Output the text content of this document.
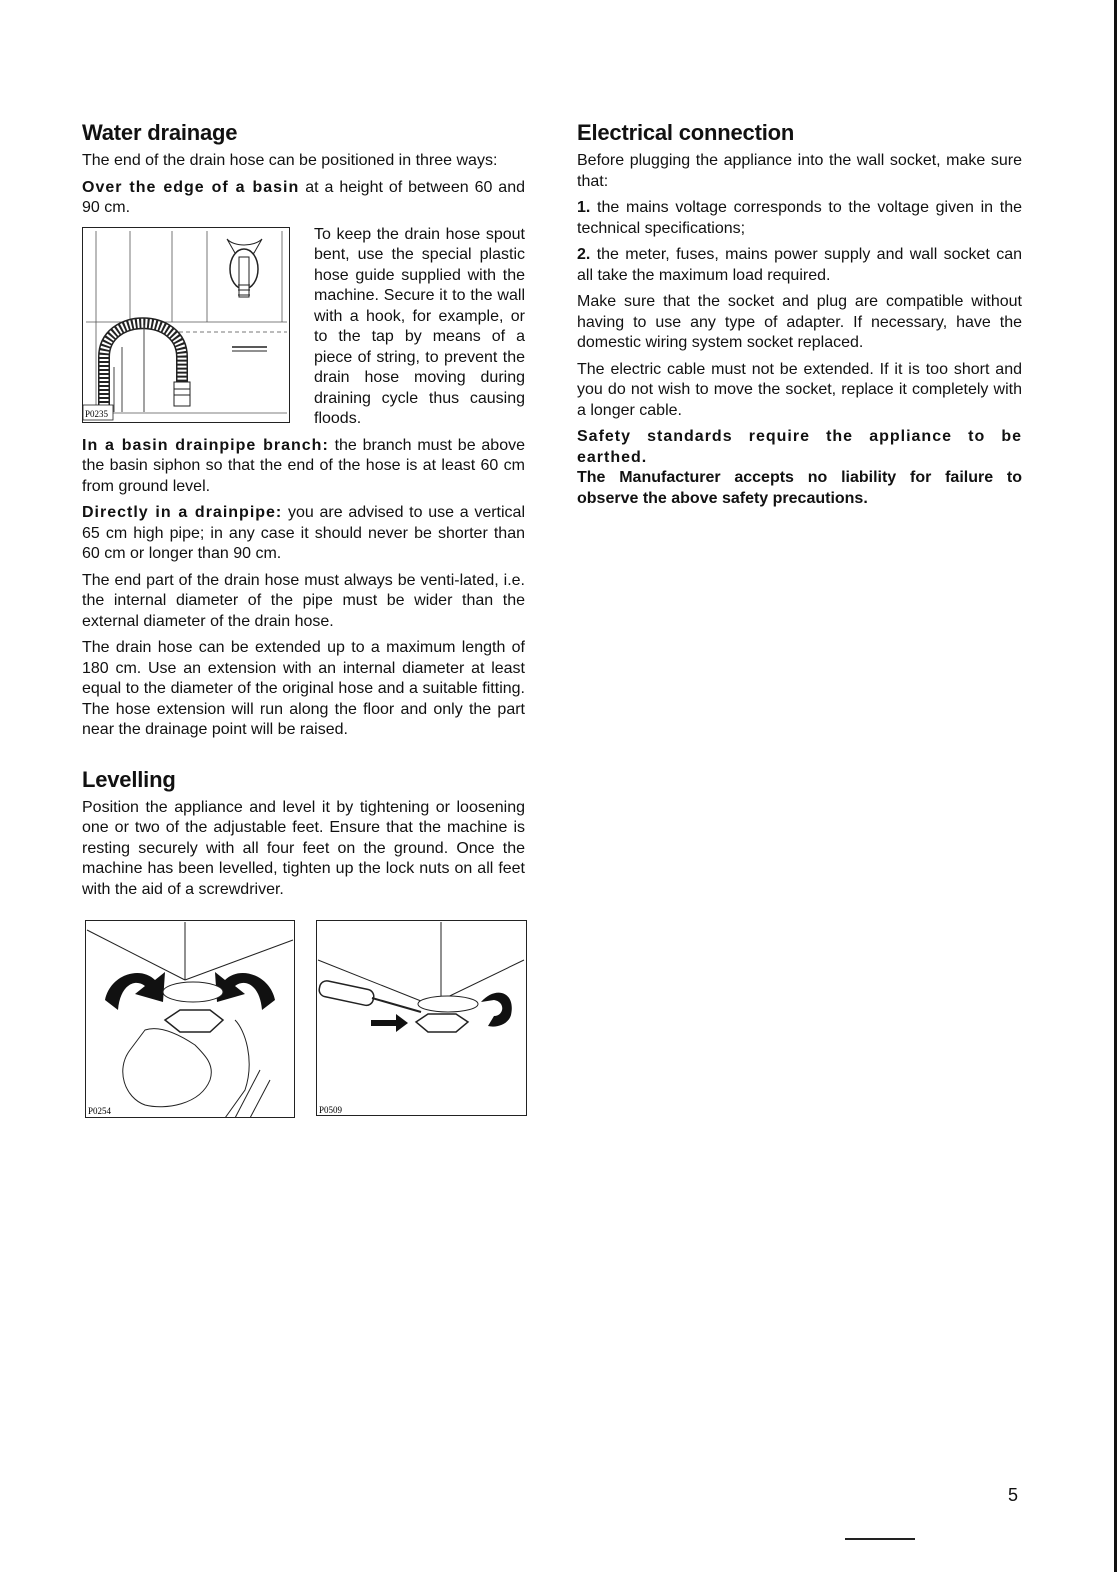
Water drainage

The end of the drain hose can be positioned in three ways:

Over the edge of a basin at a height of between 60 and 90 cm.

P0235

To keep the drain hose spout bent, use the special plastic hose guide supplied with the machine. Secure it to the wall with a hook, for example, or to the tap by means of a piece of string, to prevent the drain hose moving during draining cycle thus causing floods.

In a basin drainpipe branch: the branch must be above the basin siphon so that the end of the hose is at least 60 cm from ground level.

Directly in a drainpipe: you are advised to use a vertical 65 cm high pipe; in any case it should never be shorter than 60 cm or longer than 90 cm.

The end part of the drain hose must always be venti-lated, i.e. the internal diameter of the pipe must be wider than the external diameter of the drain hose.

The drain hose can be extended up to a maximum length of 180 cm. Use an extension with an internal diameter at least equal to the diameter of the original hose and a suitable fitting. The hose extension will run along the floor and only the part near the drainage point will be raised.

Levelling

Position the appliance and level it by tightening or loosening one or two of the adjustable feet. Ensure that the machine is resting securely with all four feet on the ground. Once the machine has been levelled, tighten up the lock nuts on all feet with the aid of a screwdriver.

P0254	P0509
Electrical connection

Before plugging the appliance into the wall socket, make sure that:

1. the mains voltage corresponds to the voltage given in the technical specifications;

2. the meter, fuses, mains power supply and wall socket can all take the maximum load required.

Make sure that the socket and plug are compatible without having to use any type of adapter. If necessary, have the domestic wiring system socket replaced.

The electric cable must not be extended. If it is too short and you do not wish to move the socket, replace it completely with a longer cable.

Safety standards require the appliance to be earthed.

The Manufacturer accepts no liability for failure to observe the above safety precautions.

5
